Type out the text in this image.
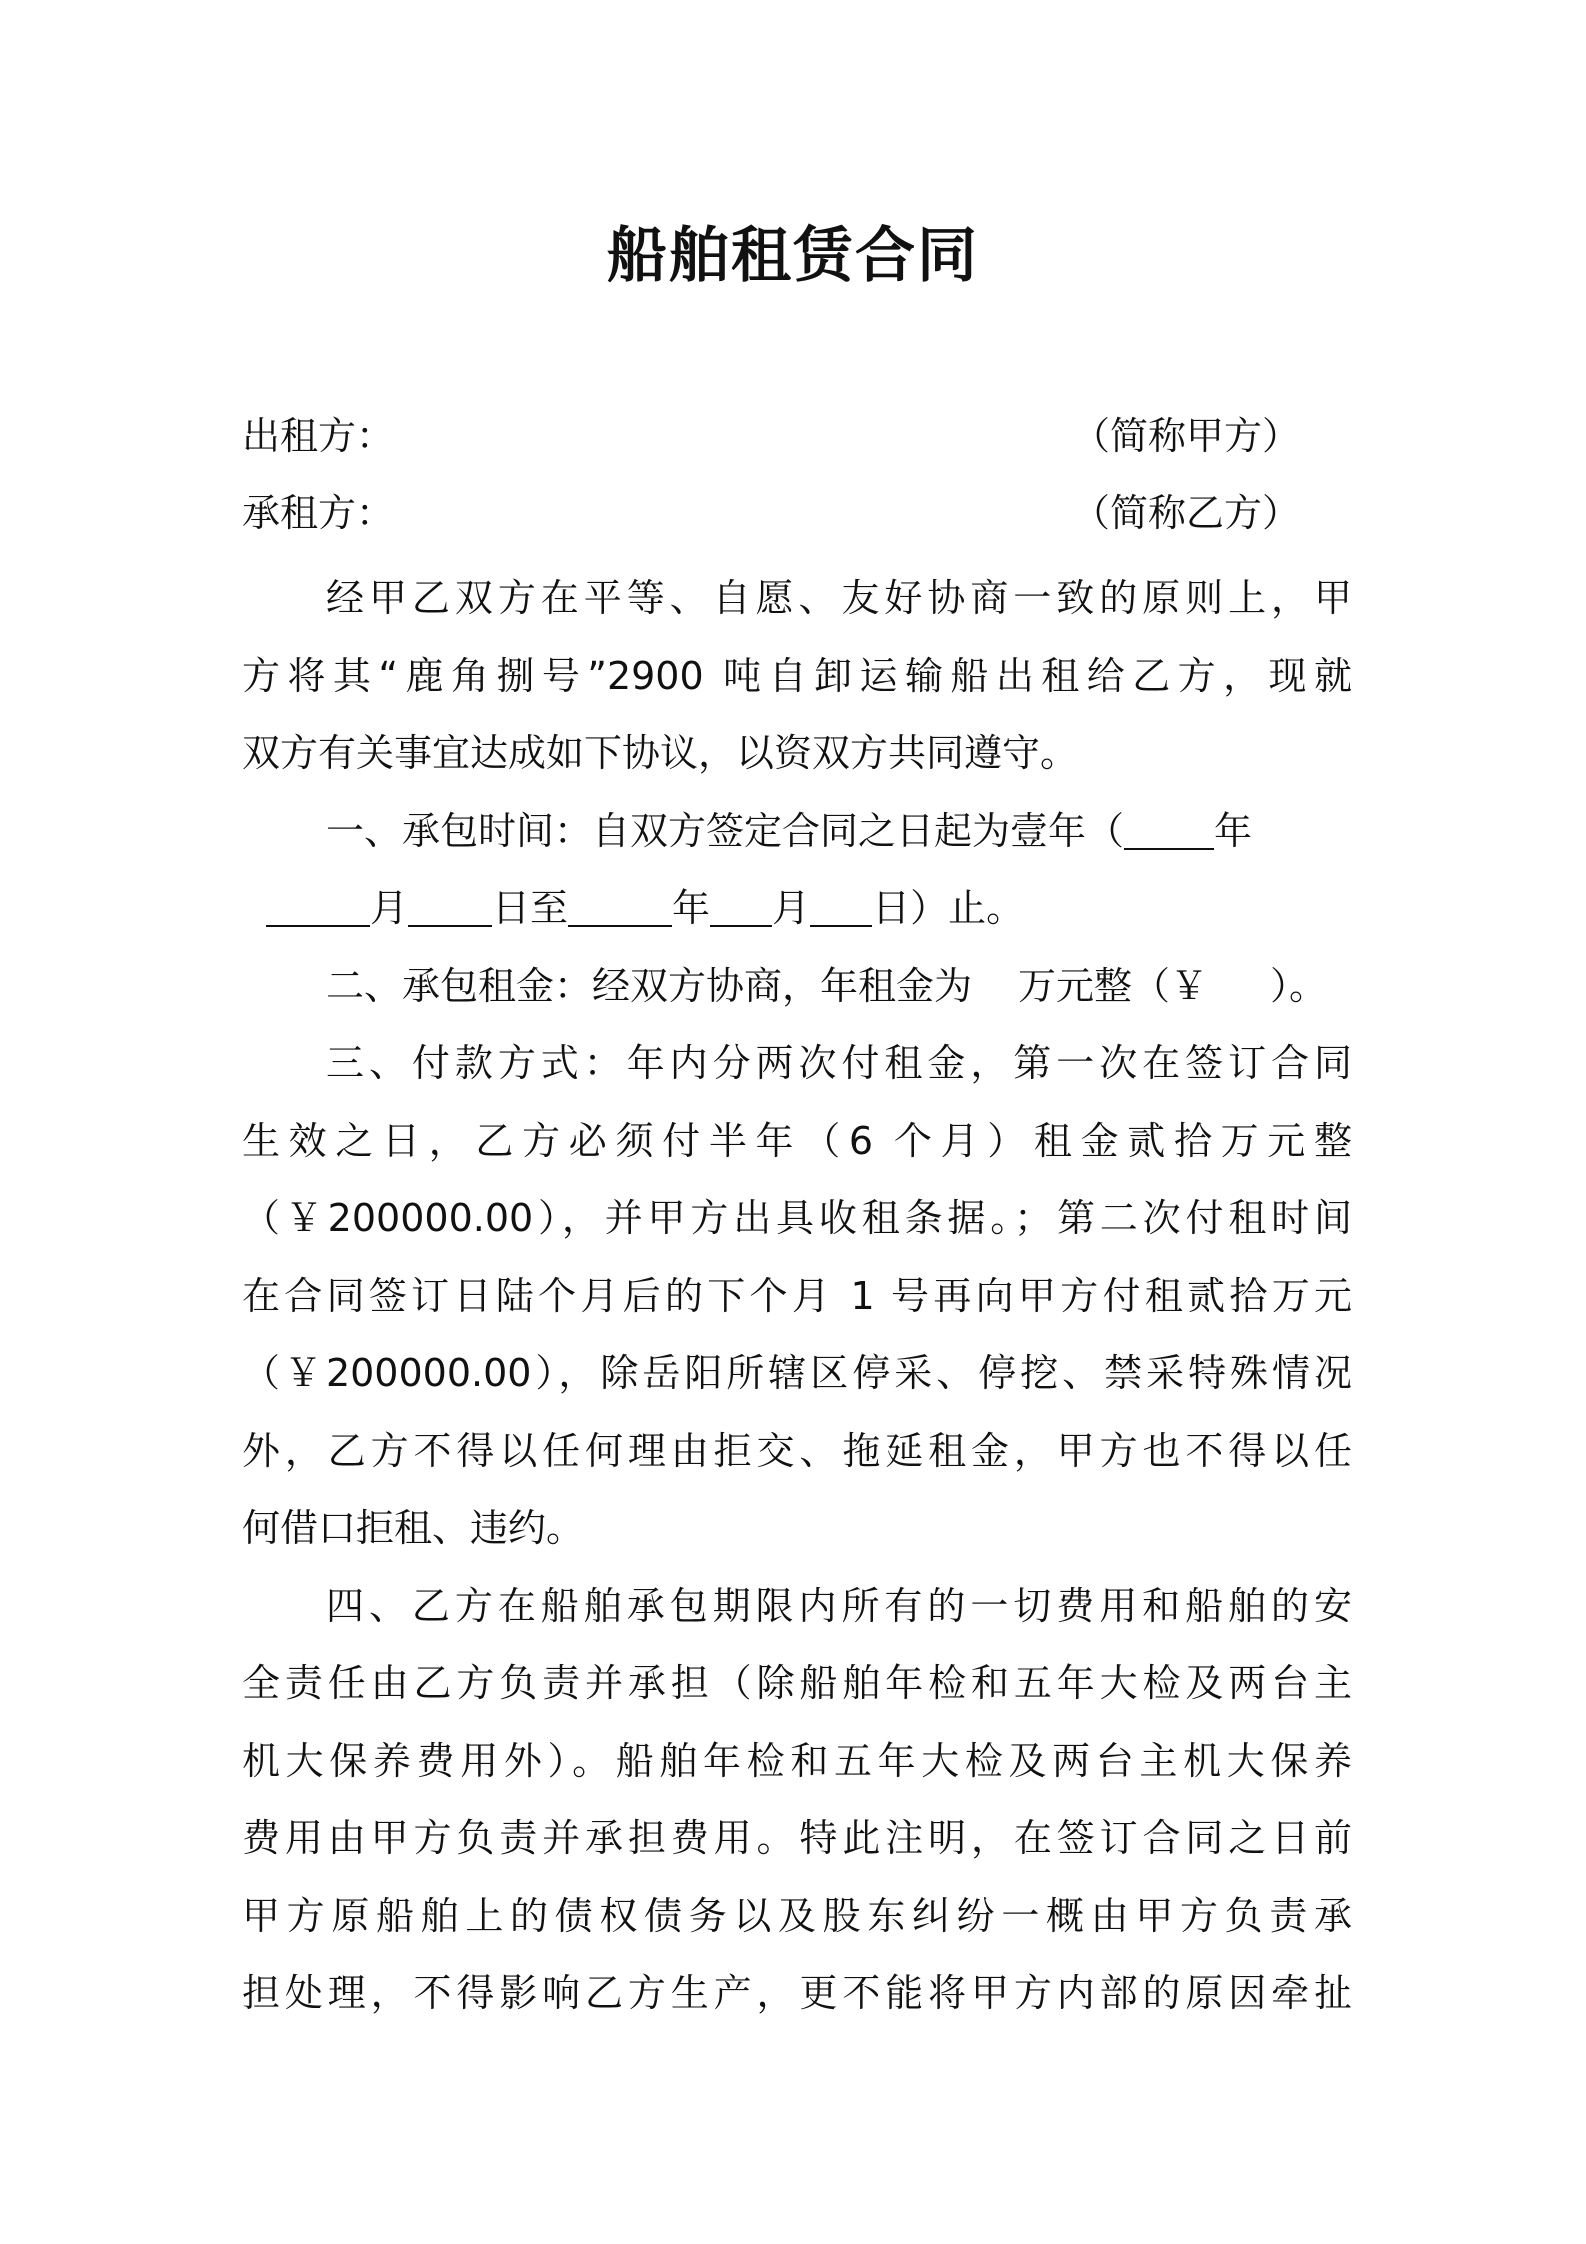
船舶租赁合同
出租方：	（简称甲方）
承租方：	（简称乙方）
经甲乙双方在平等、自愿、友好协商一致的原则上，甲
方将其“鹿角捌号”2900 吨自卸运输船出租给乙方，现就
双方有关事宜达成如下协议，以资双方共同遵守。
一、承包时间：自双方签定合同之日起为壹年（ 年
月 日至	年 月 日）止。
二、承包租金：经双方协商，年租金为 万元整（￥ ）。
三、付款方式：年内分两次付租金，第一次在签订合同
生效之日，乙方必须付半年（6 个月）租金贰拾万元整
（￥200000.00），并甲方出具收租条据。；第二次付租时间
在合同签订日陆个月后的下个月 1 号再向甲方付租贰拾万元
（￥200000.00），除岳阳所辖区停采、停挖、禁采特殊情况
外，乙方不得以任何理由拒交、拖延租金，甲方也不得以任
何借口拒租、违约。
四、乙方在船舶承包期限内所有的一切费用和船舶的安
全责任由乙方负责并承担（除船舶年检和五年大检及两台主
机大保养费用外）。船舶年检和五年大检及两台主机大保养
费用由甲方负责并承担费用。特此注明，在签订合同之日前
甲方原船舶上的债权债务以及股东纠纷一概由甲方负责承
担处理，不得影响乙方生产，更不能将甲方内部的原因牵扯
